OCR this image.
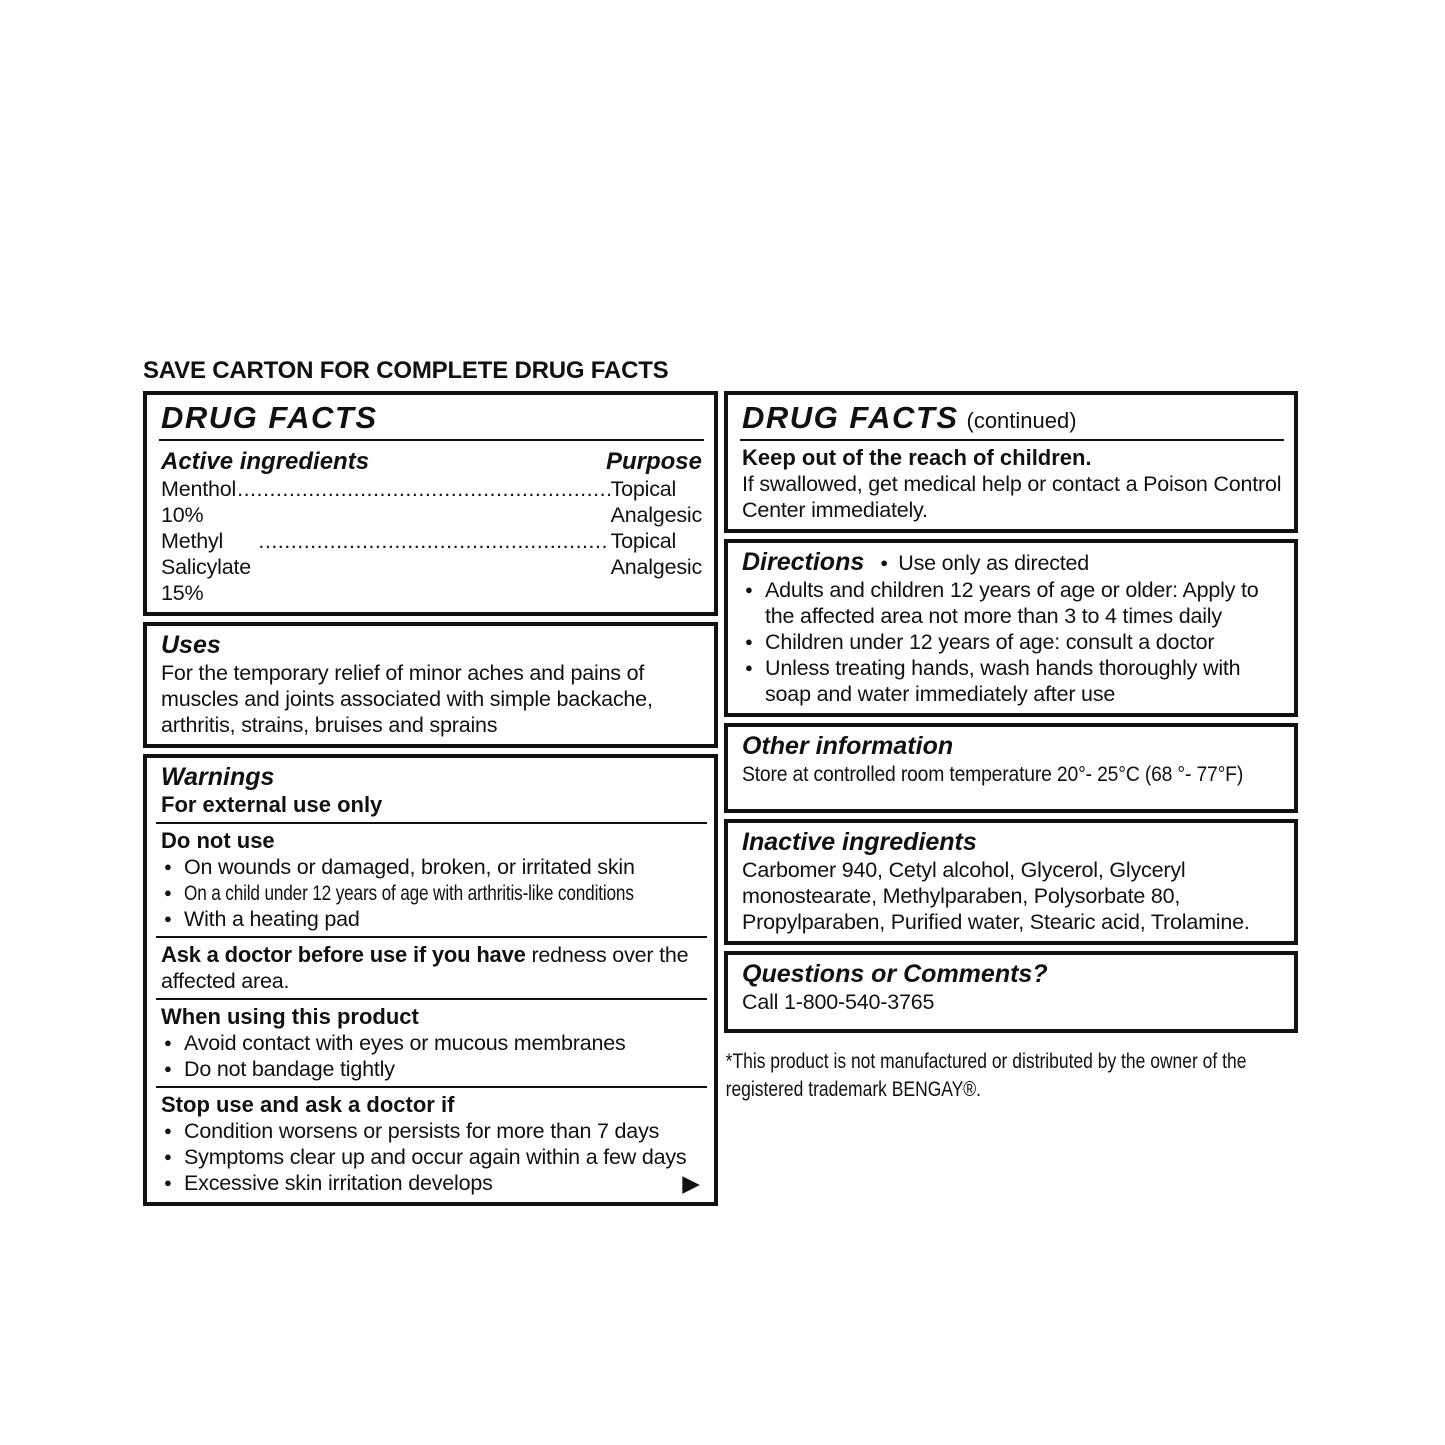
SAVE CARTON FOR COMPLETE DRUG FACTS
DRUG FACTS
Active ingredients	Purpose
Menthol 10%
.....
Topical Analgesic
Methyl Salicylate 15%
.....
Topical Analgesic
Uses
For the temporary relief of minor aches and pains of muscles and joints associated with simple backache, arthritis, strains, bruises and sprains
Warnings
For external use only
Do not use
● On wounds or damaged, broken, or irritated skin
● On a child under 12 years of age with arthritis-like conditions
● With a heating pad
Ask a doctor before use if you have redness over the affected area.
When using this product
● Avoid contact with eyes or mucous membranes
● Do not bandage tightly
Stop use and ask a doctor if
● Condition worsens or persists for more than 7 days
● Symptoms clear up and occur again within a few days
● Excessive skin irritation develops	▶
DRUG FACTS (continued)
Keep out of the reach of children.
If swallowed, get medical help or contact a Poison Control Center immediately.
Directions	● Use only as directed
● Adults and children 12 years of age or older: Apply to the affected area not more than 3 to 4 times daily
● Children under 12 years of age: consult a doctor
● Unless treating hands, wash hands thoroughly with soap and water immediately after use
Other information
Store at controlled room temperature 20°- 25°C (68 °- 77°F)
Inactive ingredients
Carbomer 940, Cetyl alcohol, Glycerol, Glyceryl monostearate, Methylparaben, Polysorbate 80, Propylparaben, Purified water, Stearic acid, Trolamine.
Questions or Comments?
Call 1-800-540-3765
*This product is not manufactured or distributed by the owner of the registered trademark BENGAY®.
